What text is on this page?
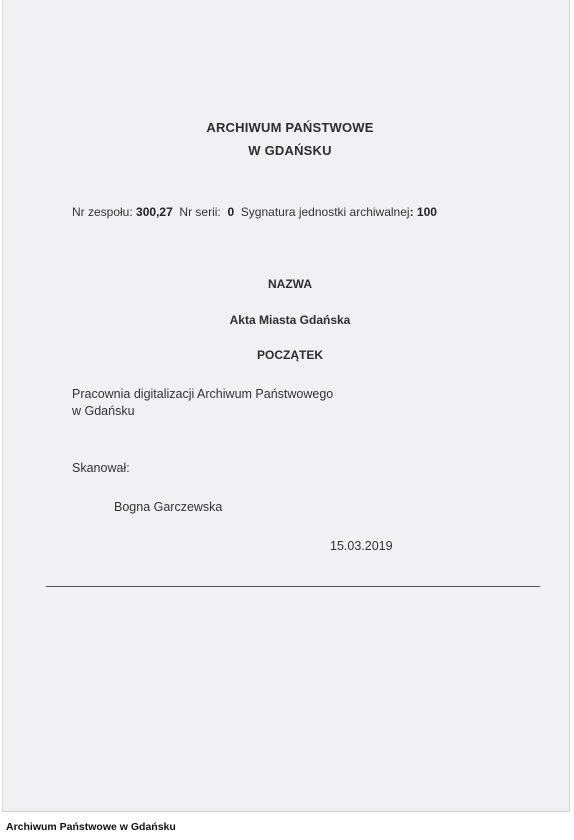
ARCHIWUM PAŃSTWOWE
W GDAŃSKU
Nr zespołu: 300,27 Nr serii: 0 Sygnatura jednostki archiwalnej: 100
NAZWA
Akta Miasta Gdańska
POCZĄTEK
Pracownia digitalizacji Archiwum Państwowego
w Gdańsku
Skanował:
Bogna Garczewska
15.03.2019
Archiwum Państwowe w Gdańsku
